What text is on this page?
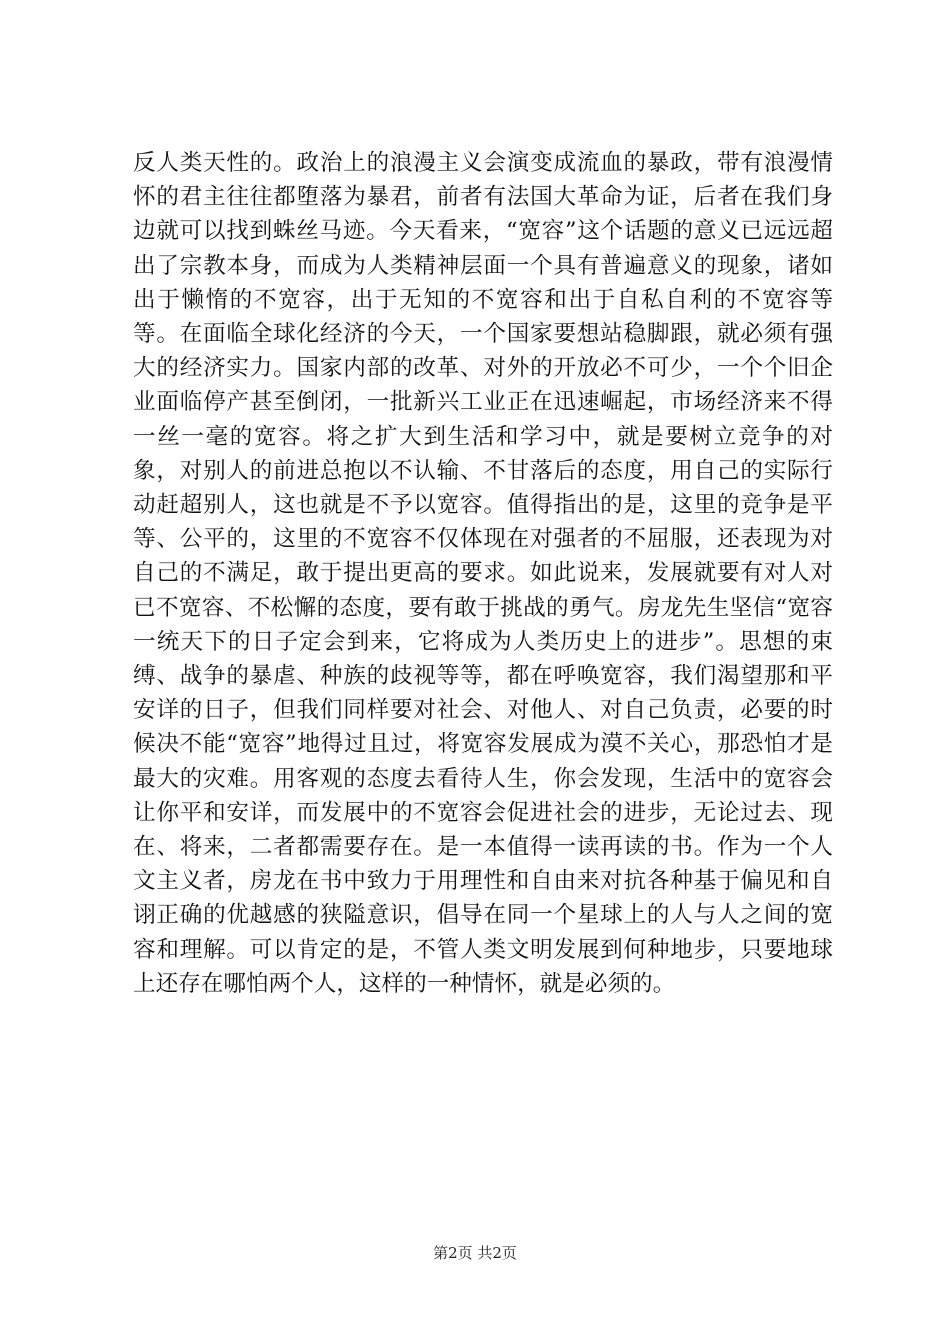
反人类天性的。政治上的浪漫主义会演变成流血的暴政，带有浪漫情怀的君主往往都堕落为暴君，前者有法国大革命为证，后者在我们身边就可以找到蛛丝马迹。今天看来，“宽容”这个话题的意义已远远超出了宗教本身，而成为人类精神层面一个具有普遍意义的现象，诸如出于懒惰的不宽容，出于无知的不宽容和出于自私自利的不宽容等等。在面临全球化经济的今天，一个国家要想站稳脚跟，就必须有强大的经济实力。国家内部的改革、对外的开放必不可少，一个个旧企业面临停产甚至倒闭，一批新兴工业正在迅速崛起，市场经济来不得一丝一毫的宽容。将之扩大到生活和学习中，就是要树立竞争的对象，对别人的前进总抱以不认输、不甘落后的态度，用自己的实际行动赶超别人，这也就是不予以宽容。值得指出的是，这里的竞争是平等、公平的，这里的不宽容不仅体现在对强者的不屈服，还表现为对自己的不满足，敢于提出更高的要求。如此说来，发展就要有对人对已不宽容、不松懈的态度，要有敢于挑战的勇气。房龙先生坚信“宽容一统天下的日子定会到来，它将成为人类历史上的进步”。思想的束缚、战争的暴虐、种族的歧视等等，都在呼唤宽容，我们渴望那和平安详的日子，但我们同样要对社会、对他人、对自己负责，必要的时候决不能“宽容”地得过且过，将宽容发展成为漠不关心，那恐怕才是最大的灾难。用客观的态度去看待人生，你会发现，生活中的宽容会让你平和安详，而发展中的不宽容会促进社会的进步，无论过去、现在、将来，二者都需要存在。是一本值得一读再读的书。作为一个人文主义者，房龙在书中致力于用理性和自由来对抗各种基于偏见和自诩正确的优越感的狭隘意识，倡导在同一个星球上的人与人之间的宽容和理解。可以肯定的是，不管人类文明发展到何种地步，只要地球上还存在哪怕两个人，这样的一种情怀，就是必须的。

第2页 共2页
